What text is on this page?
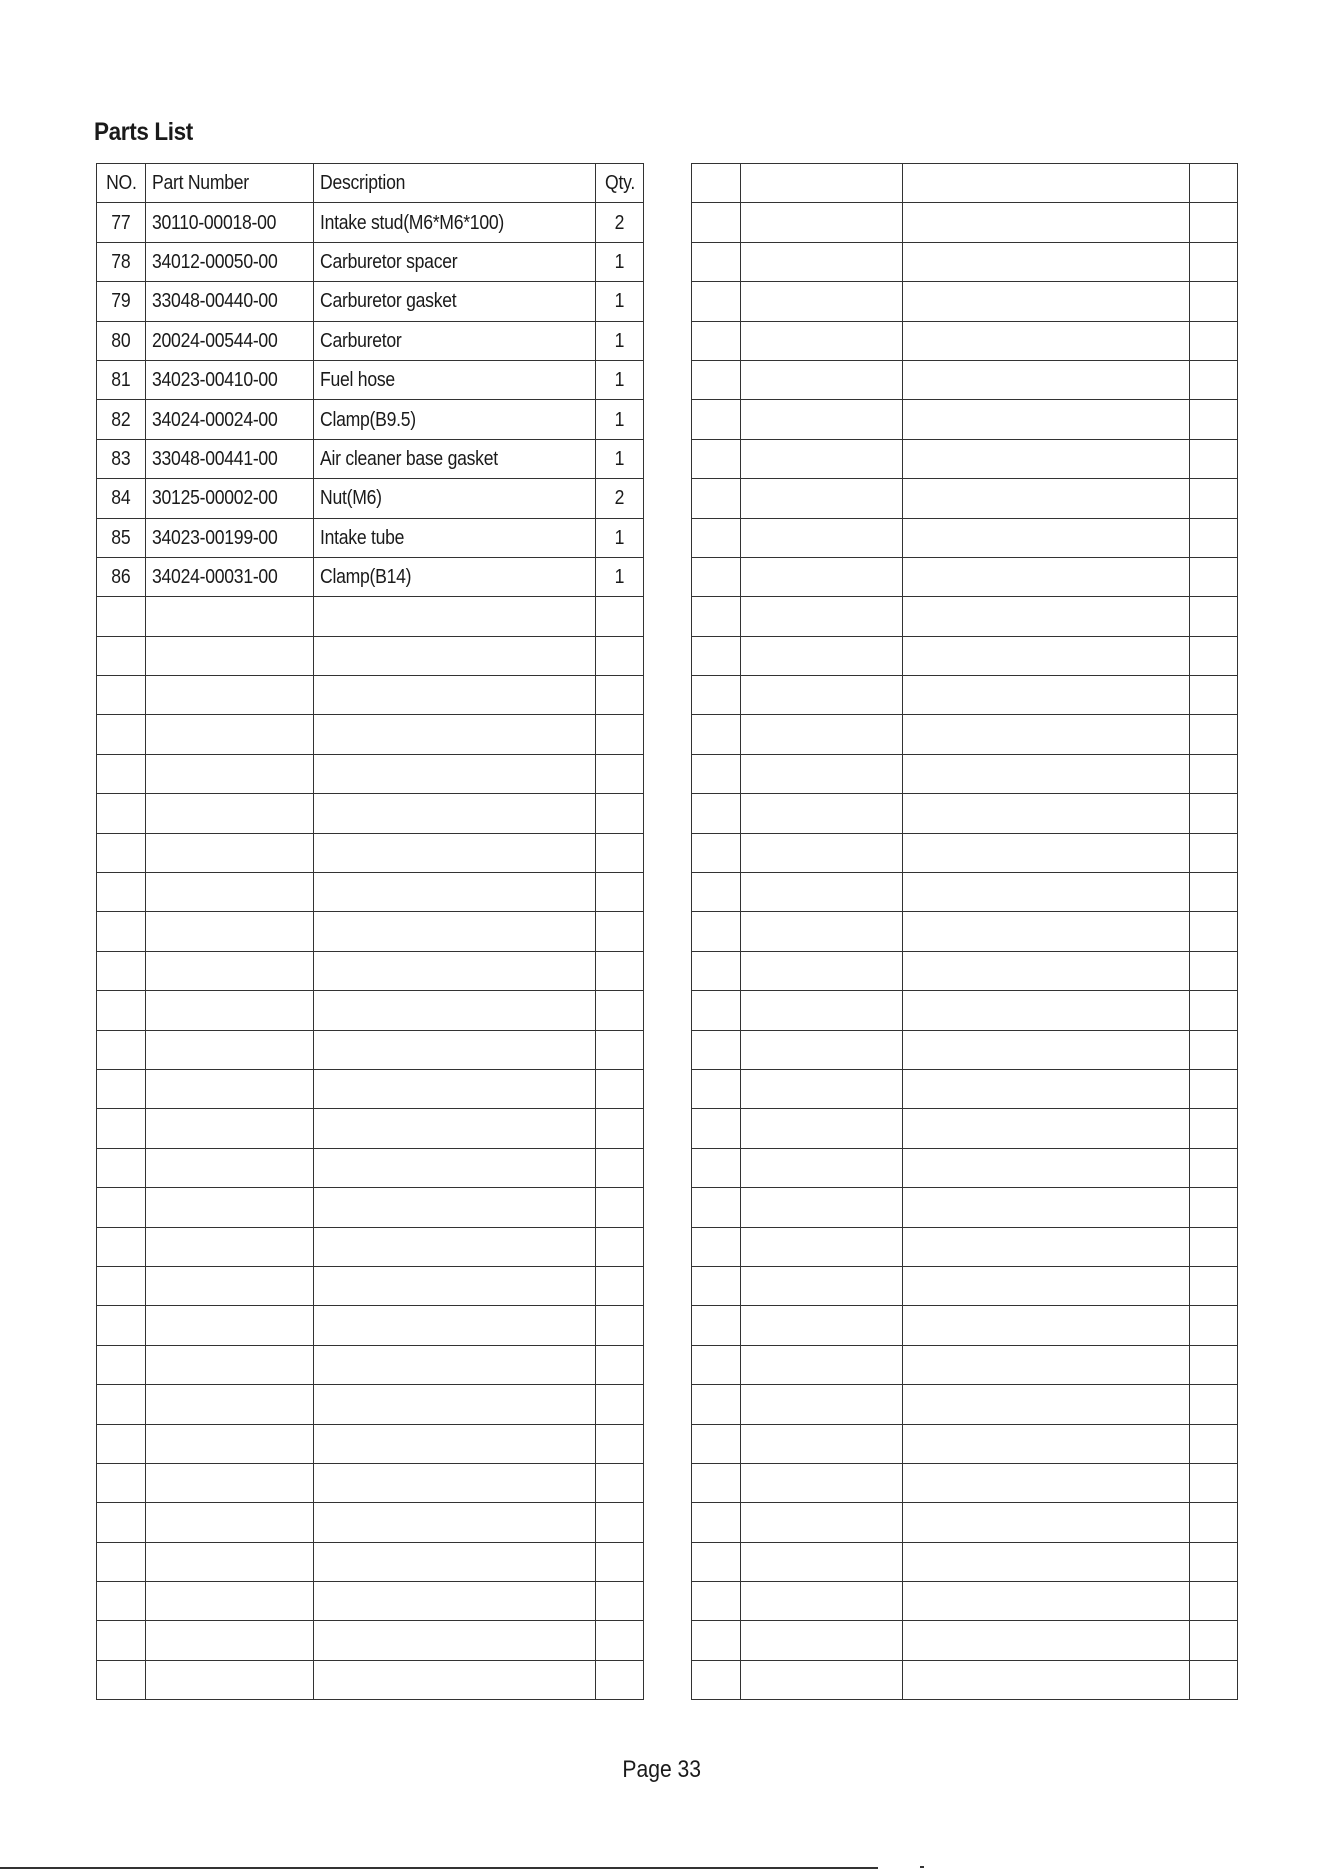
Parts List
NO.	Part Number	Description	Qty.
77	30110-00018-00	Intake stud(M6*M6*100)	2
78	34012-00050-00	Carburetor spacer	1
79	33048-00440-00	Carburetor gasket	1
80	20024-00544-00	Carburetor	1
81	34023-00410-00	Fuel hose	1
82	34024-00024-00	Clamp(B9.5)	1
83	33048-00441-00	Air cleaner base gasket	1
84	30125-00002-00	Nut(M6)	2
85	34023-00199-00	Intake tube	1
86	34024-00031-00	Clamp(B14)	1

Page 33
